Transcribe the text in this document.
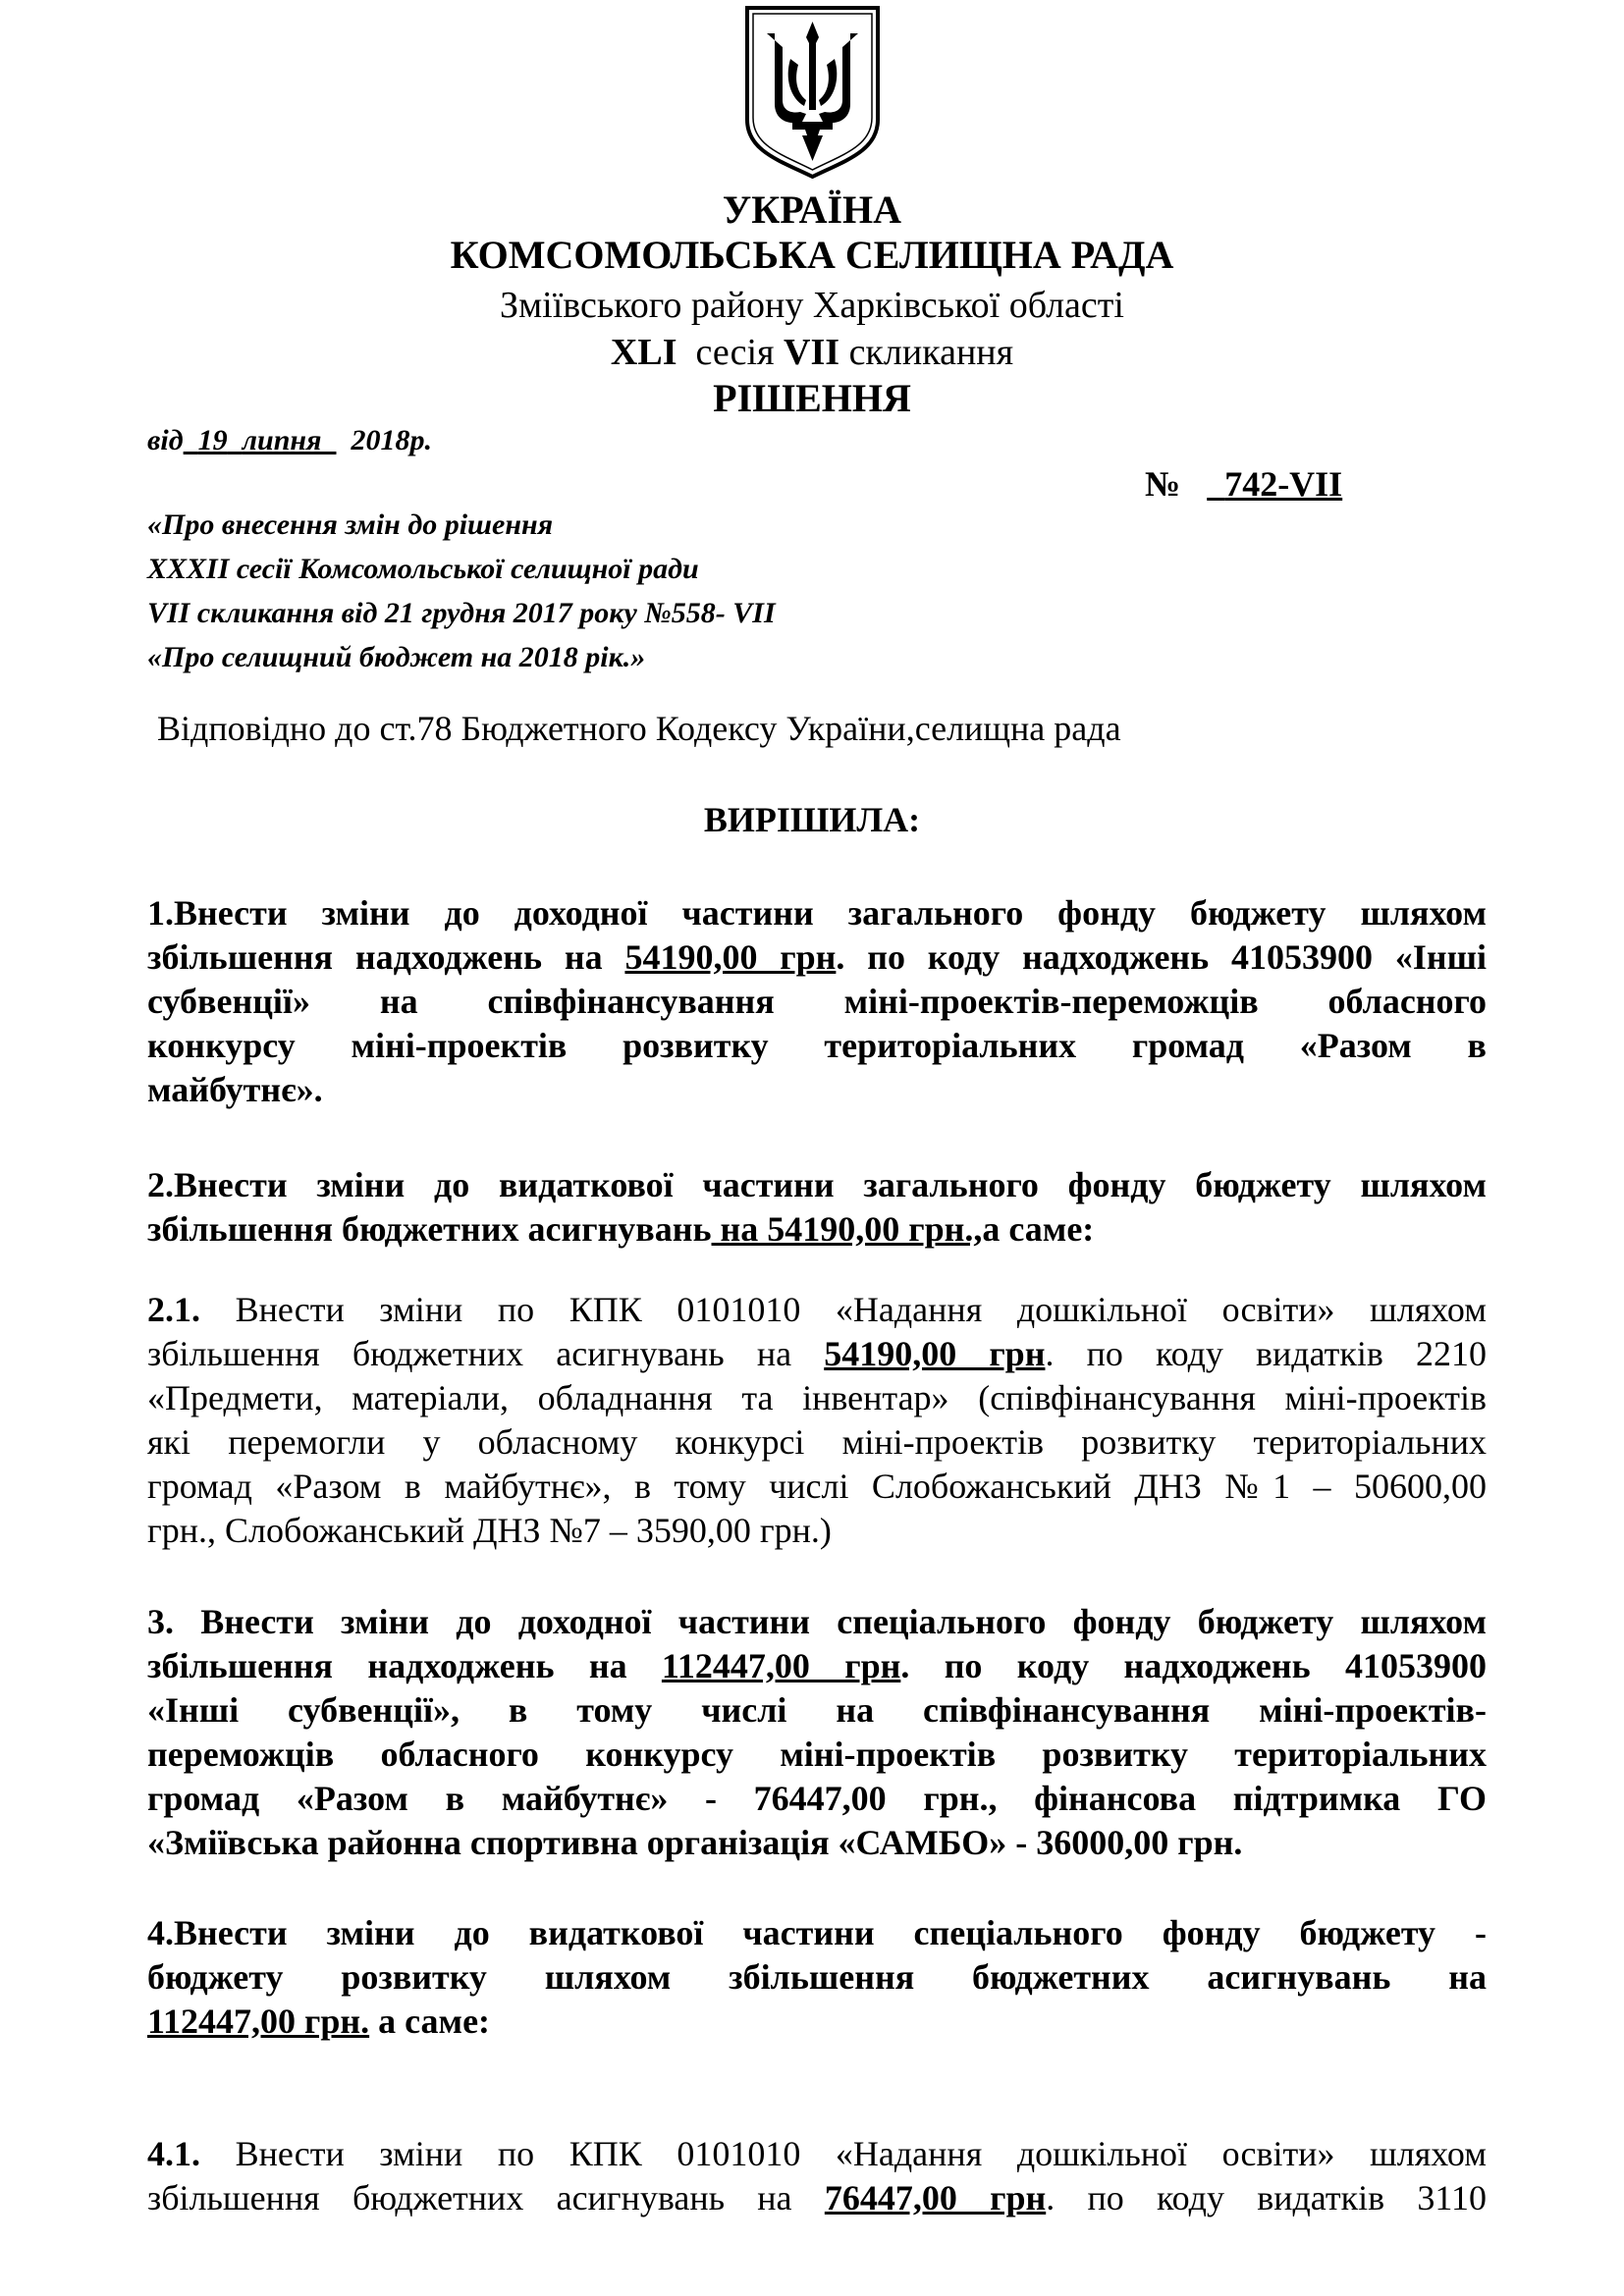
УКРАЇНА
КОМСОМОЛЬСЬКА СЕЛИЩНА РАДА
Зміївського району Харківської області
XLI сесія VII скликання
РІШЕННЯ
від 19 липня 2018р.
№ 742-VII
«Про внесення змін до рішення
XXXII сесії Комсомольської селищної ради
VII скликання від 21 грудня 2017 року №558- VII
«Про селищний бюджет на 2018 рік.»
Відповідно до ст.78 Бюджетного Кодексу України,селищна рада
ВИРІШИЛА:
1.Внести зміни до доходної частини загального фонду бюджету шляхом
збільшення надходжень на 54190,00 грн. по коду надходжень 41053900 «Інші
субвенції» на співфінансування міні-проектів-переможців обласного
конкурсу міні-проектів розвитку територіальних громад «Разом в
майбутнє».
2.Внести зміни до видаткової частини загального фонду бюджету шляхом
збільшення бюджетних асигнувань на 54190,00 грн.,а саме:
2.1. Внести зміни по КПК 0101010 «Надання дошкільної освіти» шляхом
збільшення бюджетних асигнувань на 54190,00 грн. по коду видатків 2210
«Предмети, матеріали, обладнання та інвентар» (співфінансування міні-проектів
які перемогли у обласному конкурсі міні-проектів розвитку територіальних
громад «Разом в майбутнє», в тому числі Слобожанський ДНЗ №1 – 50600,00
грн., Слобожанський ДНЗ №7 – 3590,00 грн.)
3. Внести зміни до доходної частини спеціального фонду бюджету шляхом
збільшення надходжень на 112447,00 грн. по коду надходжень 41053900
«Інші субвенції», в тому числі на співфінансування міні-проектів-
переможців обласного конкурсу міні-проектів розвитку територіальних
громад «Разом в майбутнє» - 76447,00 грн., фінансова підтримка ГО
«Зміївська районна спортивна організація «САМБО» - 36000,00 грн.
4.Внести зміни до видаткової частини спеціального фонду бюджету -
бюджету розвитку шляхом збільшення бюджетних асигнувань на
112447,00 грн. а саме:
4.1. Внести зміни по КПК 0101010 «Надання дошкільної освіти» шляхом
збільшення бюджетних асигнувань на 76447,00 грн. по коду видатків 3110
